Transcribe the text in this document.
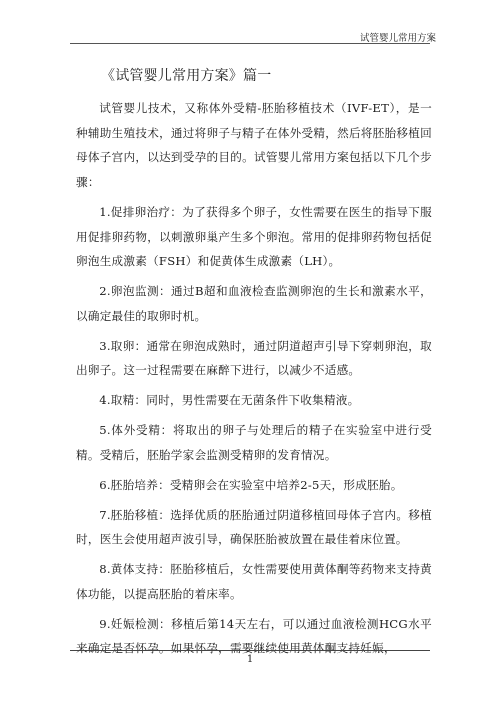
试管婴儿常用方案
《试管婴儿常用方案》篇一

试管婴儿技术，又称体外受精-胚胎移植技术（IVF-ET），是一种辅助生殖技术，通过将卵子与精子在体外受精，然后将胚胎移植回母体子宫内，以达到受孕的目的。试管婴儿常用方案包括以下几个步骤：

1.促排卵治疗：为了获得多个卵子，女性需要在医生的指导下服用促排卵药物，以刺激卵巢产生多个卵泡。常用的促排卵药物包括促卵泡生成激素（FSH）和促黄体生成激素（LH）。

2.卵泡监测：通过B超和血液检查监测卵泡的生长和激素水平，以确定最佳的取卵时机。

3.取卵：通常在卵泡成熟时，通过阴道超声引导下穿刺卵泡，取出卵子。这一过程需要在麻醉下进行，以减少不适感。

4.取精：同时，男性需要在无菌条件下收集精液。

5.体外受精：将取出的卵子与处理后的精子在实验室中进行受精。受精后，胚胎学家会监测受精卵的发育情况。

6.胚胎培养：受精卵会在实验室中培养2-5天，形成胚胎。

7.胚胎移植：选择优质的胚胎通过阴道移植回母体子宫内。移植时，医生会使用超声波引导，确保胚胎被放置在最佳着床位置。

8.黄体支持：胚胎移植后，女性需要使用黄体酮等药物来支持黄体功能，以提高胚胎的着床率。

9.妊娠检测：移植后第14天左右，可以通过血液检测HCG水平来确定是否怀孕。如果怀孕，需要继续使用黄体酮支持妊娠，

1
